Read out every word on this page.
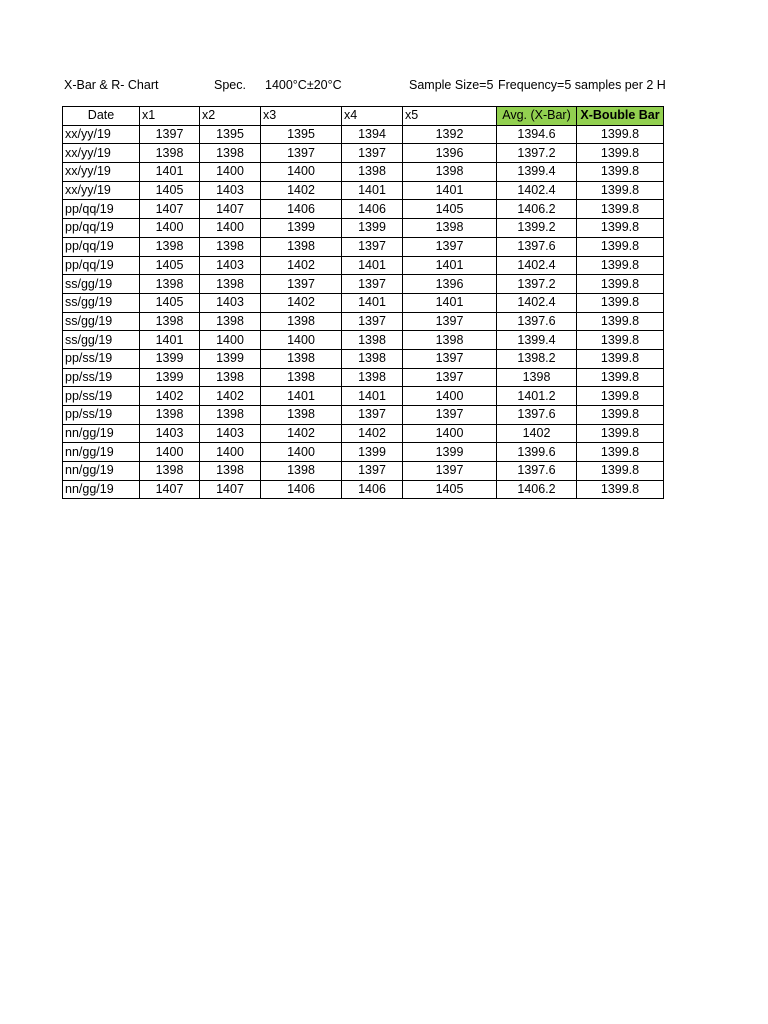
X-Bar & R- Chart	Spec. 1400°C±20°C	Sample Size=5 Frequency=5 samples per 2 H
Date	x1	x2	x3	x4	x5	Avg. (X-Bar)	X-Bouble Bar
xx/yy/19	1397	1395	1395	1394	1392	1394.6	1399.8
xx/yy/19	1398	1398	1397	1397	1396	1397.2	1399.8
xx/yy/19	1401	1400	1400	1398	1398	1399.4	1399.8
xx/yy/19	1405	1403	1402	1401	1401	1402.4	1399.8
pp/qq/19	1407	1407	1406	1406	1405	1406.2	1399.8
pp/qq/19	1400	1400	1399	1399	1398	1399.2	1399.8
pp/qq/19	1398	1398	1398	1397	1397	1397.6	1399.8
pp/qq/19	1405	1403	1402	1401	1401	1402.4	1399.8
ss/gg/19	1398	1398	1397	1397	1396	1397.2	1399.8
ss/gg/19	1405	1403	1402	1401	1401	1402.4	1399.8
ss/gg/19	1398	1398	1398	1397	1397	1397.6	1399.8
ss/gg/19	1401	1400	1400	1398	1398	1399.4	1399.8
pp/ss/19	1399	1399	1398	1398	1397	1398.2	1399.8
pp/ss/19	1399	1398	1398	1398	1397	1398	1399.8
pp/ss/19	1402	1402	1401	1401	1400	1401.2	1399.8
pp/ss/19	1398	1398	1398	1397	1397	1397.6	1399.8
nn/gg/19	1403	1403	1402	1402	1400	1402	1399.8
nn/gg/19	1400	1400	1400	1399	1399	1399.6	1399.8
nn/gg/19	1398	1398	1398	1397	1397	1397.6	1399.8
nn/gg/19	1407	1407	1406	1406	1405	1406.2	1399.8
